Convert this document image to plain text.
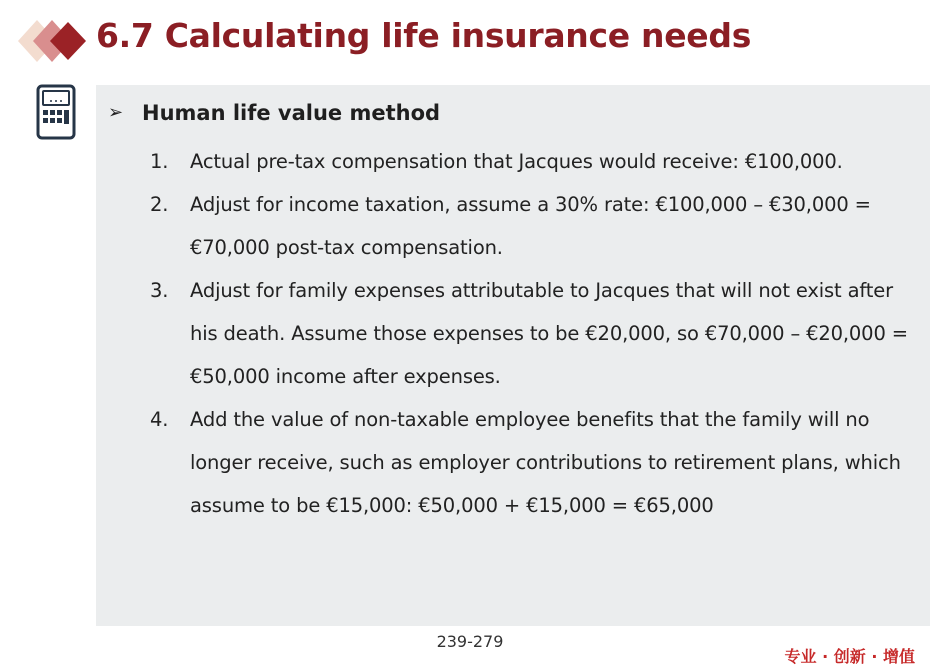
6.7 Calculating life insurance needs
➢ Human life value method
1.	Actual pre-tax compensation that Jacques would receive: €100,000.
2.	Adjust for income taxation, assume a 30% rate: €100,000 – €30,000 = €70,000 post-tax compensation.
3.	Adjust for family expenses attributable to Jacques that will not exist after his death. Assume those expenses to be €20,000, so €70,000 – €20,000 = €50,000 income after expenses.
4.	Add the value of non-taxable employee benefits that the family will no longer receive, such as employer contributions to retirement plans, which assume to be €15,000: €50,000 + €15,000 = €65,000
239-279
专业 · 创新 · 增值
